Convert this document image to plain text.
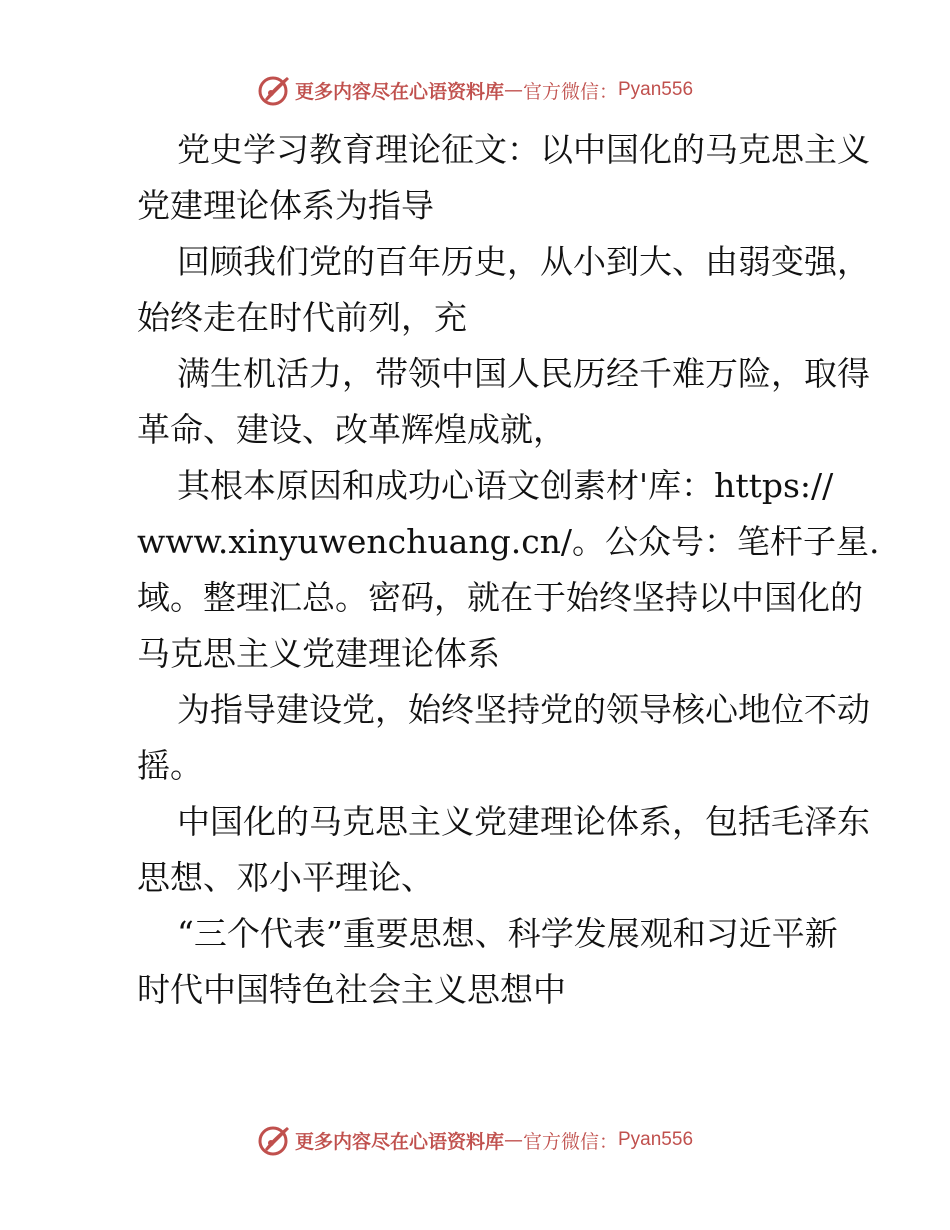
更多内容尽在心语资料库 — 官方微信： Pyan556
党史学习教育理论征文：以中国化的马克思主义
党建理论体系为指导
回顾我们党的百年历史，从小到大、由弱变强，
始终走在时代前列，充
满生机活力，带领中国人民历经千难万险，取得
革命、建设、改革辉煌成就，
其根本原因和成功心语文创素材'库：https://
www.xinyuwenchuang.cn/。公众号：笔杆子星.
域。整理汇总。密码，就在于始终坚持以中国化的
马克思主义党建理论体系
为指导建设党，始终坚持党的领导核心地位不动
摇。
中国化的马克思主义党建理论体系，包括毛泽东
思想、邓小平理论、
“三个代表”重要思想、科学发展观和习近平新
时代中国特色社会主义思想中
更多内容尽在心语资料库 — 官方微信： Pyan556
